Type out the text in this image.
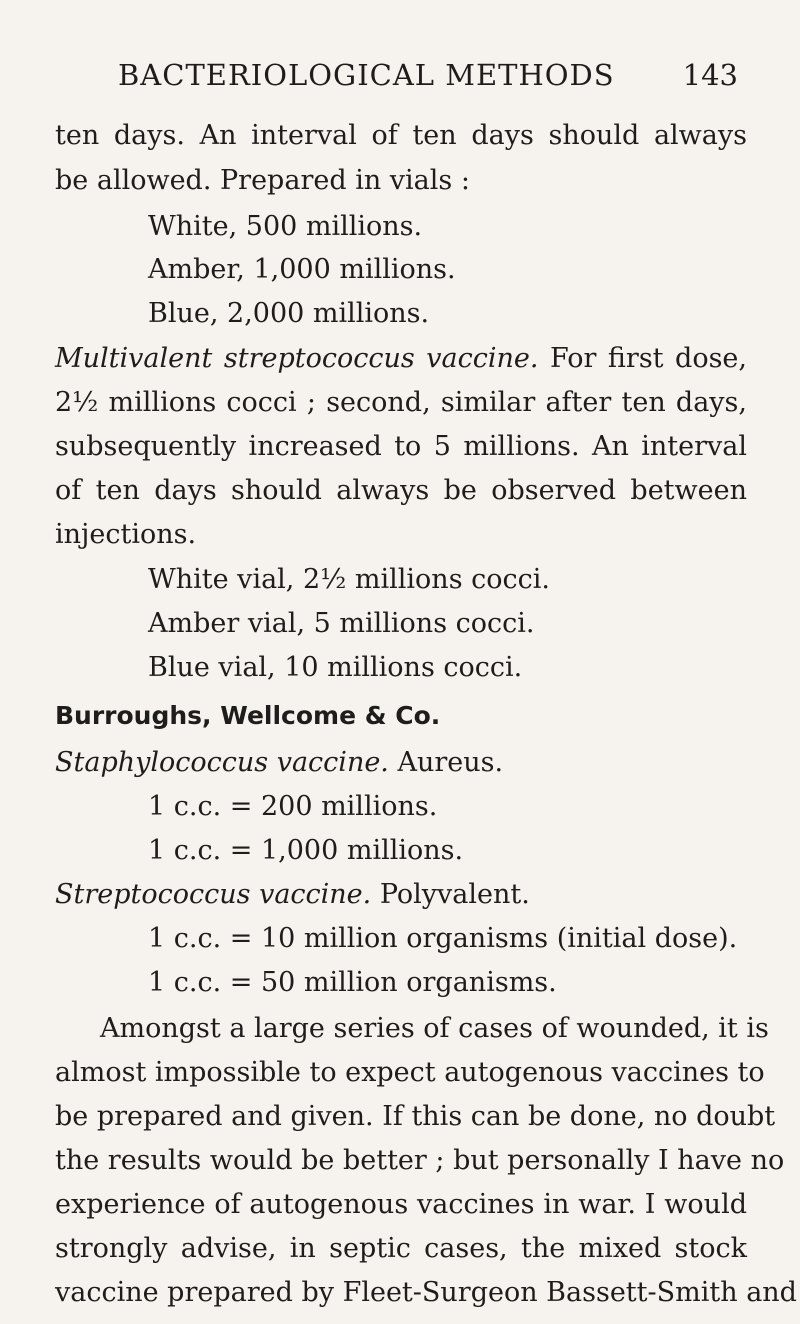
BACTERIOLOGICAL METHODS 143
ten days. An interval of ten days should always
be allowed. Prepared in vials :
White, 500 millions.
Amber, 1,000 millions.
Blue, 2,000 millions.
Multivalent streptococcus vaccine. For first dose,
2½ millions cocci ; second, similar after ten days,
subsequently increased to 5 millions. An interval
of ten days should always be observed between
injections.
White vial, 2½ millions cocci.
Amber vial, 5 millions cocci.
Blue vial, 10 millions cocci.
Burroughs, Wellcome & Co.
Staphylococcus vaccine. Aureus.
1 c.c. = 200 millions.
1 c.c. = 1,000 millions.
Streptococcus vaccine. Polyvalent.
1 c.c. = 10 million organisms (initial dose).
1 c.c. = 50 million organisms.
Amongst a large series of cases of wounded, it is
almost impossible to expect autogenous vaccines to
be prepared and given. If this can be done, no doubt
the results would be better ; but personally I have no
experience of autogenous vaccines in war. I would
strongly advise, in septic cases, the mixed stock
vaccine prepared by Fleet-Surgeon Bassett-Smith and
